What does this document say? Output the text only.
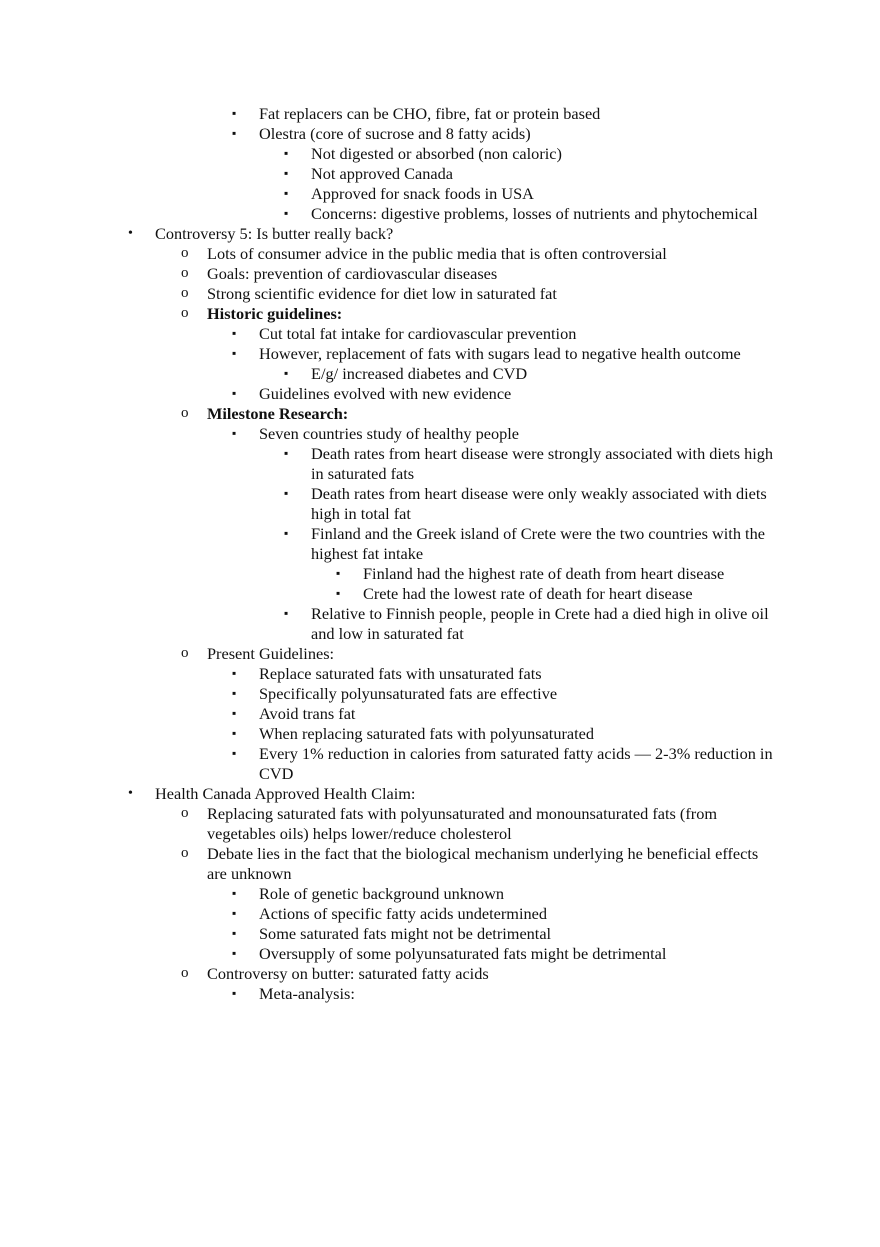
▪ Fat replacers can be CHO, fibre, fat or protein based
▪ Olestra (core of sucrose and 8 fatty acids)
▪ Not digested or absorbed (non caloric)
▪ Not approved Canada
▪ Approved for snack foods in USA
▪ Concerns: digestive problems, losses of nutrients and phytochemical
• Controversy 5: Is butter really back?
o Lots of consumer advice in the public media that is often controversial
o Goals: prevention of cardiovascular diseases
o Strong scientific evidence for diet low in saturated fat
o Historic guidelines:
▪ Cut total fat intake for cardiovascular prevention
▪ However, replacement of fats with sugars lead to negative health outcome
▪ E/g/ increased diabetes and CVD
▪ Guidelines evolved with new evidence
o Milestone Research:
▪ Seven countries study of healthy people
▪ Death rates from heart disease were strongly associated with diets high in saturated fats
▪ Death rates from heart disease were only weakly associated with diets high in total fat
▪ Finland and the Greek island of Crete were the two countries with the highest fat intake
▪ Finland had the highest rate of death from heart disease
▪ Crete had the lowest rate of death for heart disease
▪ Relative to Finnish people, people in Crete had a died high in olive oil and low in saturated fat
o Present Guidelines:
▪ Replace saturated fats with unsaturated fats
▪ Specifically polyunsaturated fats are effective
▪ Avoid trans fat
▪ When replacing saturated fats with polyunsaturated
▪ Every 1% reduction in calories from saturated fatty acids — 2-3% reduction in CVD
• Health Canada Approved Health Claim:
o Replacing saturated fats with polyunsaturated and monounsaturated fats (from vegetables oils) helps lower/reduce cholesterol
o Debate lies in the fact that the biological mechanism underlying he beneficial effects are unknown
▪ Role of genetic background unknown
▪ Actions of specific fatty acids undetermined
▪ Some saturated fats might not be detrimental
▪ Oversupply of some polyunsaturated fats might be detrimental
o Controversy on butter: saturated fatty acids
▪ Meta-analysis:
